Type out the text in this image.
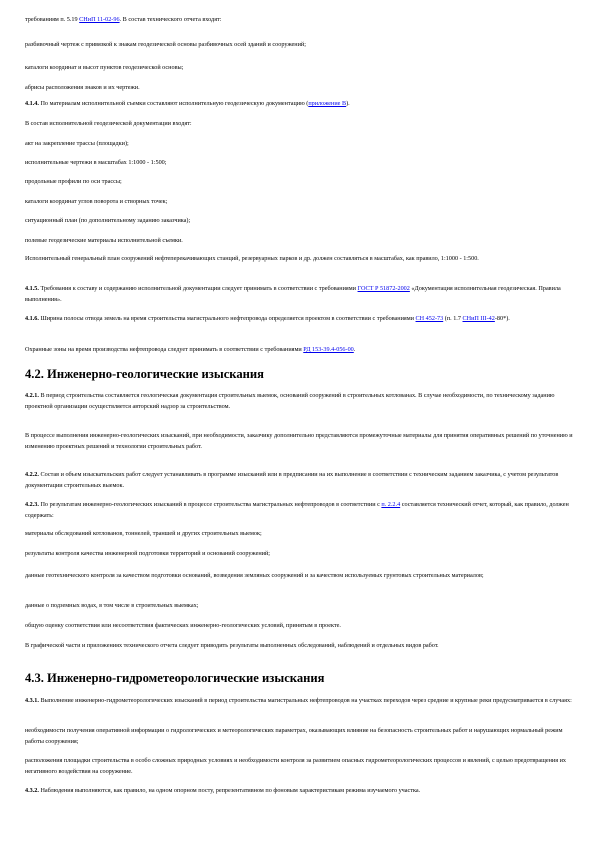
требованиям п. 5.19 СНиП 11-02-96. В состав технического отчета входят:

разбивочный чертеж с привязкой к знакам геодезической основы разбивочных осей зданий и сооружений;

каталоги координат и высот пунктов геодезической основы;

абрисы расположения знаков и их чертежи.

4.1.4. По материалам исполнительной съемки составляют исполнительную геодезическую документацию (приложение В).

В состав исполнительной геодезической документации входят:

акт на закрепление трассы (площадки);

исполнительные чертежи в масштабах 1:1000 - 1:500;

продольные профили по оси трассы;

каталоги координат углов поворота и створных точек;

ситуационный план (по дополнительному заданию заказчика);

полевые геодезические материалы исполнительной съемки.

Исполнительный генеральный план сооружений нефтеперекачивающих станций, резервуарных парков и др. должен составляться в масштабах, как правило, 1:1000 - 1:500.

4.1.5. Требования к составу и содержанию исполнительной документации следует принимать в соответствии с требованиями ГОСТ Р 51872-2002 «Документация исполнительная геодезическая. Правила выполнения».

4.1.6. Ширина полосы отвода земель на время строительства магистрального нефтепровода определяется проектом в соответствии с требованиями СН 452-73 (п. 1.7 СНиП III-42-80*).

Охранные зоны на время производства нефтепровода следует принимать в соответствии с требованиями РД 153-39.4-056-00.

4.2. Инженерно-геологические изыскания

4.2.1. В период строительства составляется геологическая документация строительных выемок, оснований сооружений в строительных котлованах. В случае необходимости, по техническому заданию проектной организации осуществляется авторский надзор за строительством.

В процессе выполнения инженерно-геологических изысканий, при необходимости, заказчику дополнительно представляются промежуточные материалы для принятия оперативных решений по уточнению и изменению проектных решений и технологии строительных работ.

4.2.2. Состав и объем изыскательских работ следует устанавливать в программе изысканий или в предписании на их выполнение в соответствии с техническим заданием заказчика, с учетом результатов документации строительных выемок.

4.2.3. По результатам инженерно-геологических изысканий в процессе строительства магистральных нефтепроводов в соответствии с п. 2.2.4 составляется технический отчет, который, как правило, должен содержать:

материалы обследований котлованов, тоннелей, траншей и других строительных выемок;

результаты контроля качества инженерной подготовки территорий и оснований сооружений;

данные геотехнического контроля за качеством подготовки оснований, возведения земляных сооружений и за качеством используемых грунтовых строительных материалов;

данные о подземных водах, в том числе в строительных выемках;

общую оценку соответствия или несоответствия фактических инженерно-геологических условий, принятым в проекте.

В графической части и приложениях технического отчета следует приводить результаты выполненных обследований, наблюдений и отдельных видов работ.

4.3. Инженерно-гидрометеорологические изыскания

4.3.1. Выполнение инженерно-гидрометеорологических изысканий в период строительства магистральных нефтепроводов на участках переходов через средние и крупные реки предусматривается в случаях:

необходимости получения оперативной информации о гидрологических и метеорологических параметрах, оказывающих влияние на безопасность строительных работ и нарушающих нормальный режим работы сооружения;

расположения площадки строительства в особо сложных природных условиях и необходимости контроля за развитием опасных гидрометеорологических процессов и явлений, с целью предотвращения их негативного воздействия на сооружение.

4.3.2. Наблюдения выполняются, как правило, на одном опорном посту, репрезентативном по фоновым характеристикам режима изучаемого участка.
